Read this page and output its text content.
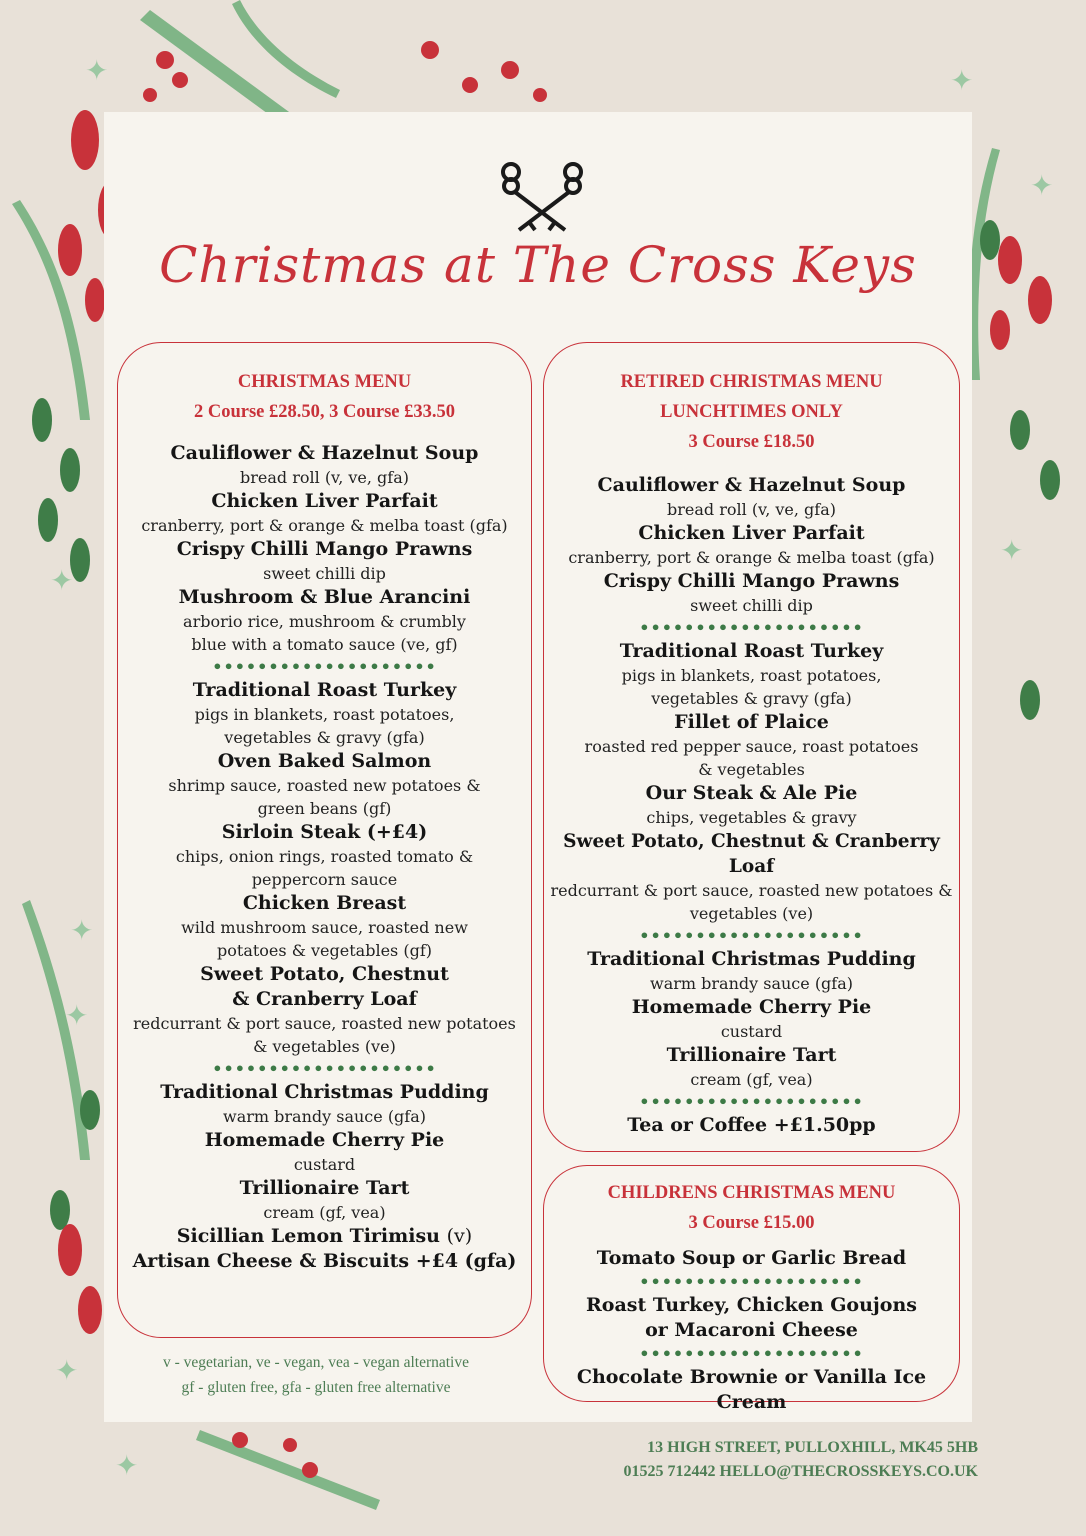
✦	✦
✦
✦
✦
✦
✦
✦
✦
Christmas at The Cross Keys
CHRISTMAS MENU
2 Course £28.50, 3 Course £33.50
Cauliflower & Hazelnut Soup
bread roll (v, ve, gfa)
Chicken Liver Parfait
cranberry, port & orange & melba toast (gfa)
Crispy Chilli Mango Prawns
sweet chilli dip
Mushroom & Blue Arancini
arborio rice, mushroom & crumbly blue with a tomato sauce (ve, gf)
••••••••••••••••••••
Traditional Roast Turkey
pigs in blankets, roast potatoes, vegetables & gravy (gfa)
Oven Baked Salmon
shrimp sauce, roasted new potatoes & green beans (gf)
Sirloin Steak (+£4)
chips, onion rings, roasted tomato & peppercorn sauce
Chicken Breast
wild mushroom sauce, roasted new potatoes & vegetables (gf)
Sweet Potato, Chestnut & Cranberry Loaf
redcurrant & port sauce, roasted new potatoes & vegetables (ve)
••••••••••••••••••••
Traditional Christmas Pudding
warm brandy sauce (gfa)
Homemade Cherry Pie
custard
Trillionaire Tart
cream (gf, vea)
Sicillian Lemon Tirimisu (v)
Artisan Cheese & Biscuits +£4 (gfa)
v - vegetarian, ve - vegan, vea - vegan alternative
gf - gluten free, gfa - gluten free alternative
RETIRED CHRISTMAS MENU
LUNCHTIMES ONLY
3 Course £18.50
Cauliflower & Hazelnut Soup
bread roll (v, ve, gfa)
Chicken Liver Parfait
cranberry, port & orange & melba toast (gfa)
Crispy Chilli Mango Prawns
sweet chilli dip
••••••••••••••••••••
Traditional Roast Turkey
pigs in blankets, roast potatoes, vegetables & gravy (gfa)
Fillet of Plaice
roasted red pepper sauce, roast potatoes & vegetables
Our Steak & Ale Pie
chips, vegetables & gravy
Sweet Potato, Chestnut & Cranberry Loaf
redcurrant & port sauce, roasted new potatoes & vegetables (ve)
••••••••••••••••••••
Traditional Christmas Pudding
warm brandy sauce (gfa)
Homemade Cherry Pie
custard
Trillionaire Tart
cream (gf, vea)
••••••••••••••••••••
Tea or Coffee +£1.50pp
CHILDRENS CHRISTMAS MENU
3 Course £15.00
Tomato Soup or Garlic Bread
••••••••••••••••••••
Roast Turkey, Chicken Goujons
or Macaroni Cheese
••••••••••••••••••••
Chocolate Brownie or Vanilla Ice Cream
13 HIGH STREET, PULLOXHILL, MK45 5HB
01525 712442 HELLO@THECROSSKEYS.CO.UK
